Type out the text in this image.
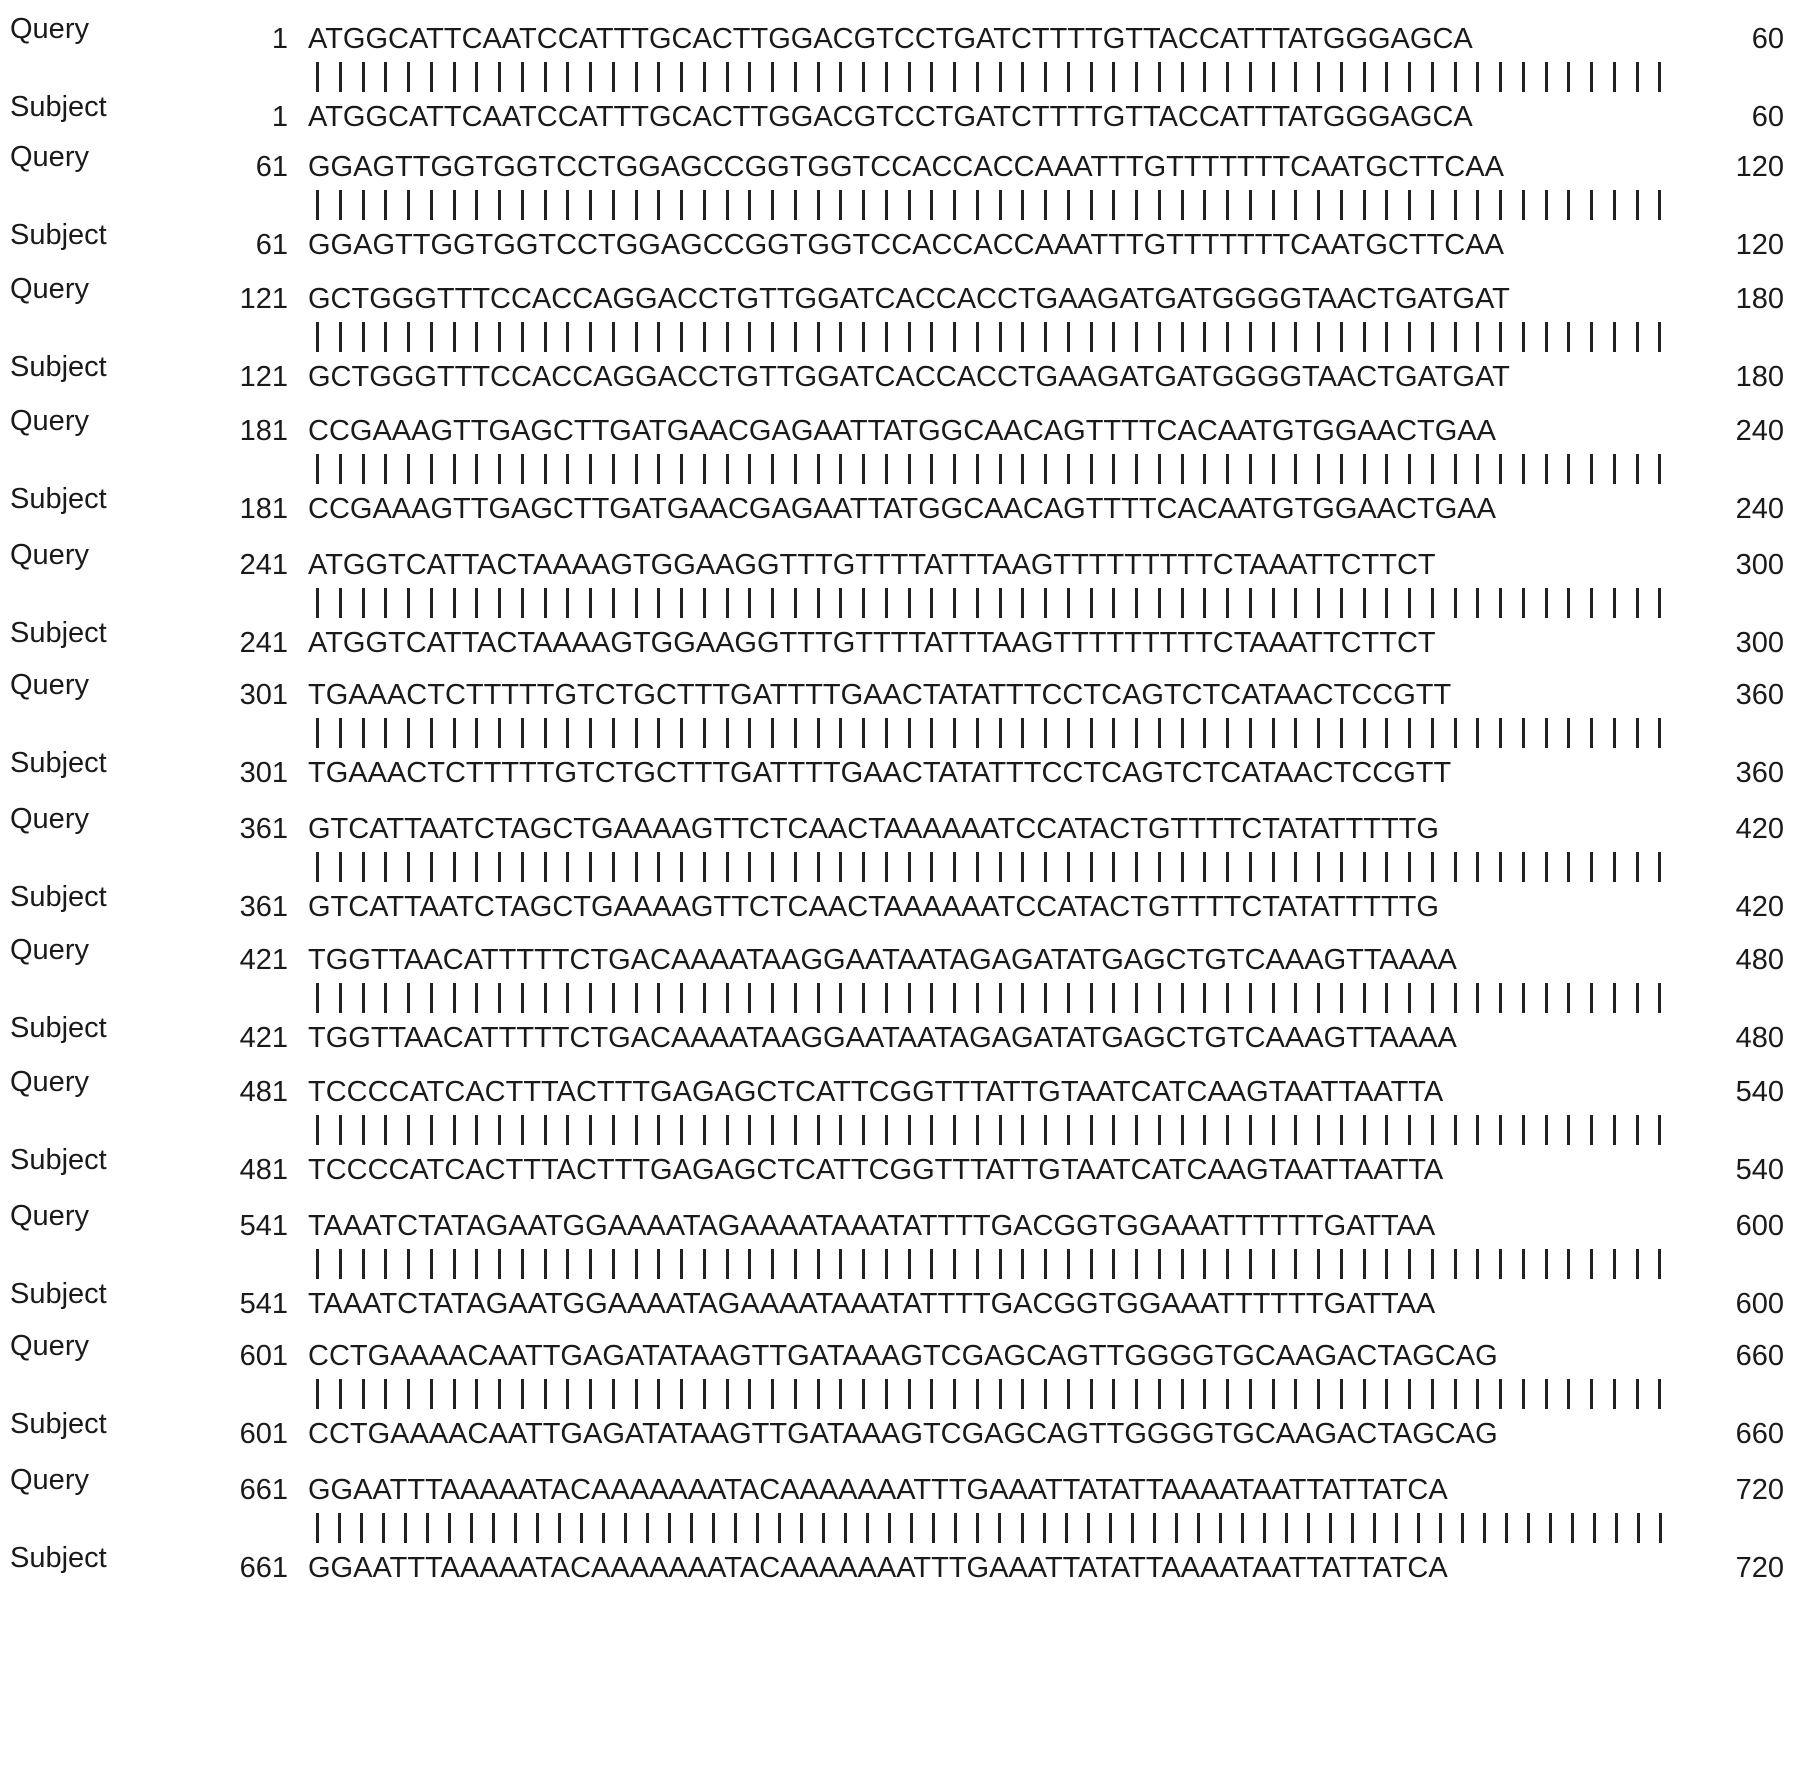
Query	1 ATGGCATTCAATCCATTTGCACTTGGACGTCCTGATCTTTTGTTACCATTTATGGGAGCA	60
Subject	1 ATGGCATTCAATCCATTTGCACTTGGACGTCCTGATCTTTTGTTACCATTTATGGGAGCA	60
Query	61 GGAGTTGGTGGTCCTGGAGCCGGTGGTCCACCACCAAATTTGTTTTTTTCAATGCTTCAA	120
Subject	61 GGAGTTGGTGGTCCTGGAGCCGGTGGTCCACCACCAAATTTGTTTTTTTCAATGCTTCAA	120
Query	121 GCTGGGTTTCCACCAGGACCTGTTGGATCACCACCTGAAGATGATGGGGTAACTGATGAT	180
Subject	121 GCTGGGTTTCCACCAGGACCTGTTGGATCACCACCTGAAGATGATGGGGTAACTGATGAT	180
Query	181 CCGAAAGTTGAGCTTGATGAACGAGAATTATGGCAACAGTTTTCACAATGTGGAACTGAA	240
Subject	181 CCGAAAGTTGAGCTTGATGAACGAGAATTATGGCAACAGTTTTCACAATGTGGAACTGAA	240
Query	241 ATGGTCATTACTAAAAGTGGAAGGTTTGTTTTATTTAAGTTTTTTTTTCTAAATTCTTCT	300
Subject	241 ATGGTCATTACTAAAAGTGGAAGGTTTGTTTTATTTAAGTTTTTTTTTCTAAATTCTTCT	300
Query	301 TGAAACTCTTTTTGTCTGCTTTGATTTTGAACTATATTTCCTCAGTCTCATAACTCCGTT	360
Subject	301 TGAAACTCTTTTTGTCTGCTTTGATTTTGAACTATATTTCCTCAGTCTCATAACTCCGTT	360
Query	361 GTCATTAATCTAGCTGAAAAGTTCTCAACTAAAAAATCCATACTGTTTTCTATATTTTTG	420
Subject	361 GTCATTAATCTAGCTGAAAAGTTCTCAACTAAAAAATCCATACTGTTTTCTATATTTTTG	420
Query	421 TGGTTAACATTTTTCTGACAAAATAAGGAATAATAGAGATATGAGCTGTCAAAGTTAAAA	480
Subject	421 TGGTTAACATTTTTCTGACAAAATAAGGAATAATAGAGATATGAGCTGTCAAAGTTAAAA	480
Query	481 TCCCCATCACTTTACTTTGAGAGCTCATTCGGTTTATTGTAATCATCAAGTAATTAATTA	540
Subject	481 TCCCCATCACTTTACTTTGAGAGCTCATTCGGTTTATTGTAATCATCAAGTAATTAATTA	540
Query	541 TAAATCTATAGAATGGAAAATAGAAAATAAATATTTTGACGGTGGAAATTTTTTGATTAA	600
Subject	541 TAAATCTATAGAATGGAAAATAGAAAATAAATATTTTGACGGTGGAAATTTTTTGATTAA	600
Query	601 CCTGAAAACAATTGAGATATAAGTTGATAAAGTCGAGCAGTTGGGGTGCAAGACTAGCAG	660
Subject	601 CCTGAAAACAATTGAGATATAAGTTGATAAAGTCGAGCAGTTGGGGTGCAAGACTAGCAG	660
Query	661 GGAATTTAAAAATACAAAAAAATACAAAAAAATTTGAAATTATATTAAAATAATTATTATCA	720
Subject	661 GGAATTTAAAAATACAAAAAAATACAAAAAAATTTGAAATTATATTAAAATAATTATTATCA	720
